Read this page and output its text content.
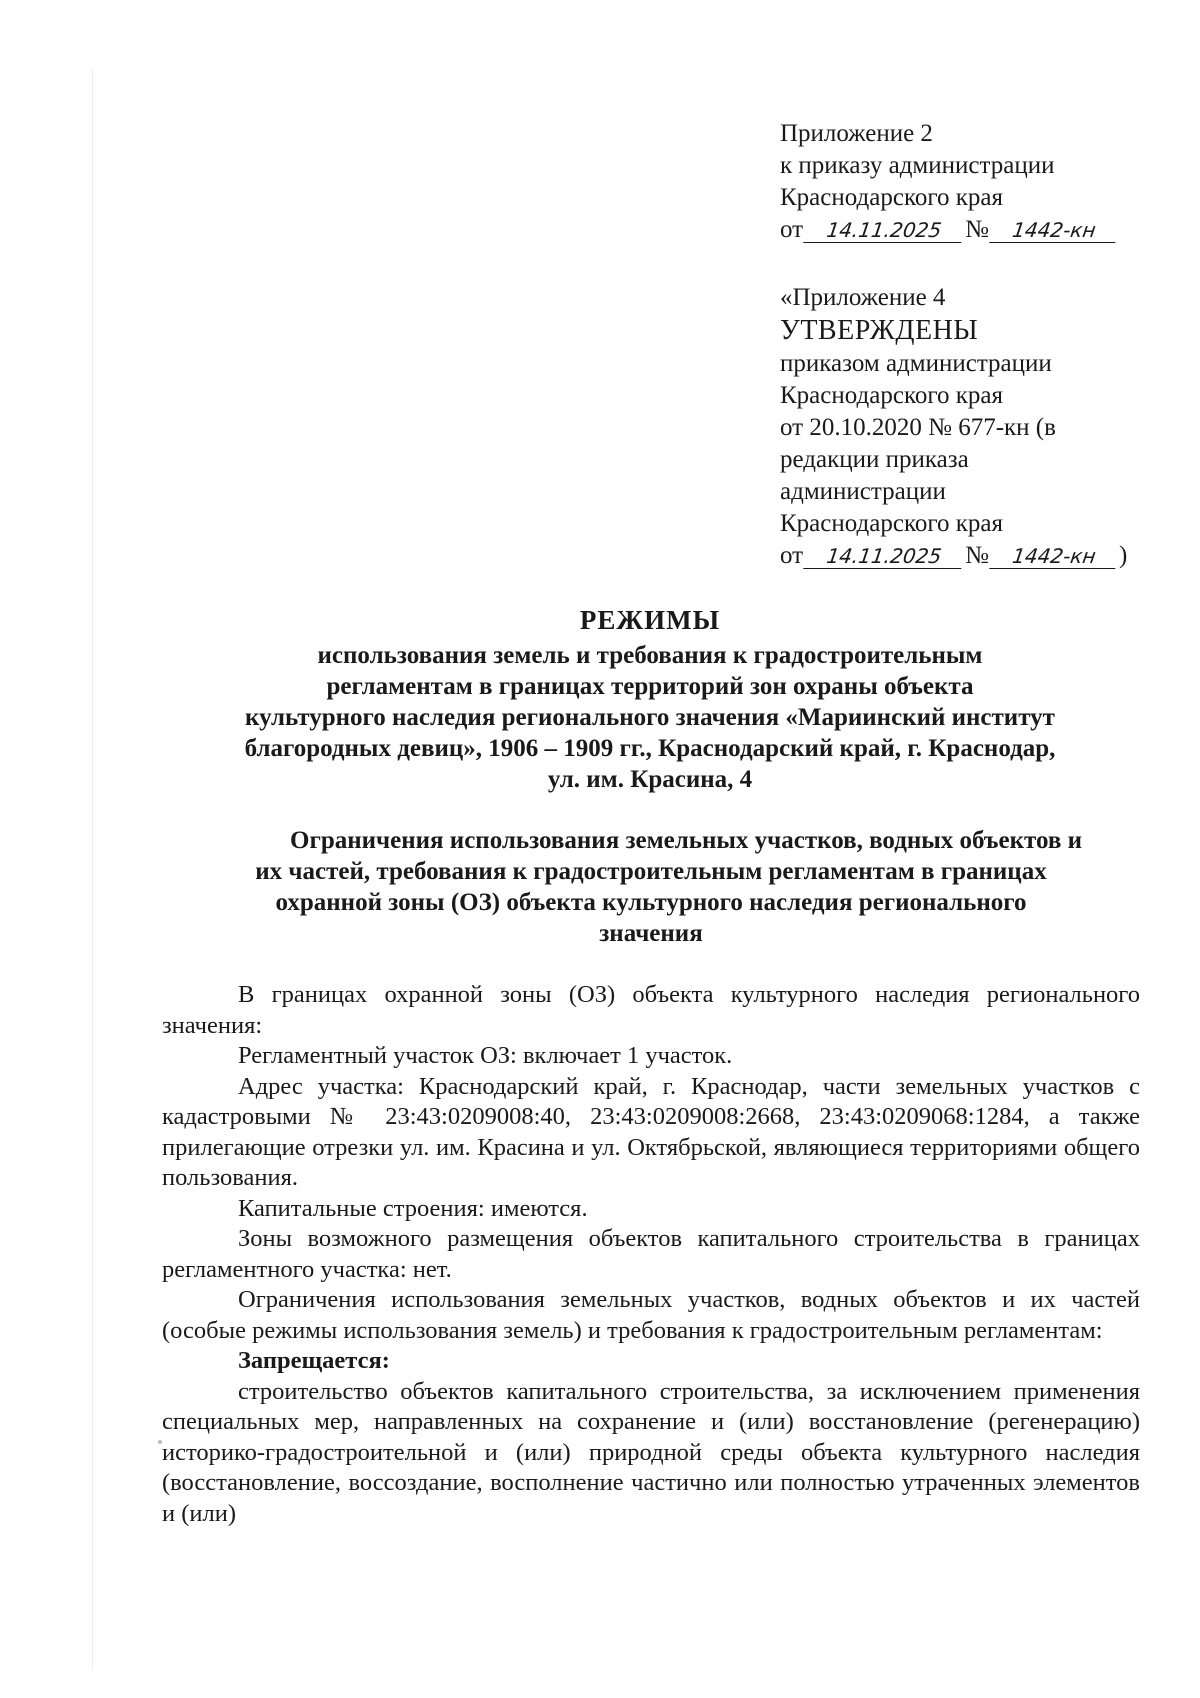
Приложение 2
к приказу администрации
Краснодарского края
от 14.11.2025 № 1442-кн
«Приложение 4
УТВЕРЖДЕНЫ
приказом администрации
Краснодарского края
от 20.10.2020 № 677-кн (в
редакции приказа
администрации
Краснодарского края
от 14.11.2025 № 1442-кн )
РЕЖИМЫ
использования земель и требования к градостроительным
регламентам в границах территорий зон охраны объекта
культурного наследия регионального значения «Мариинский институт
благородных девиц», 1906 – 1909 гг., Краснодарский край, г. Краснодар,
ул. им. Красина, 4
Ограничения использования земельных участков, водных объектов и
их частей, требования к градостроительным регламентам в границах
охранной зоны (ОЗ) объекта культурного наследия регионального
значения

В границах охранной зоны (ОЗ) объекта культурного наследия регионального значения:

Регламентный участок ОЗ: включает 1 участок.

Адрес участка: Краснодарский край, г. Краснодар, части земельных участков с кадастровыми № 23:43:0209008:40, 23:43:0209008:2668, 23:43:0209068:1284, а также прилегающие отрезки ул. им. Красина и ул. Октябрьской, являющиеся территориями общего пользования.

Капитальные строения: имеются.

Зоны возможного размещения объектов капитального строительства в границах регламентного участка: нет.

Ограничения использования земельных участков, водных объектов и их частей (особые режимы использования земель) и требования к градостроительным регламентам:

Запрещается:

строительство объектов капитального строительства, за исключением применения специальных мер, направленных на сохранение и (или) восстановление (регенерацию) историко-градостроительной и (или) природной среды объекта культурного наследия (восстановление, воссоздание, восполнение частично или полностью утраченных элементов и (или)
